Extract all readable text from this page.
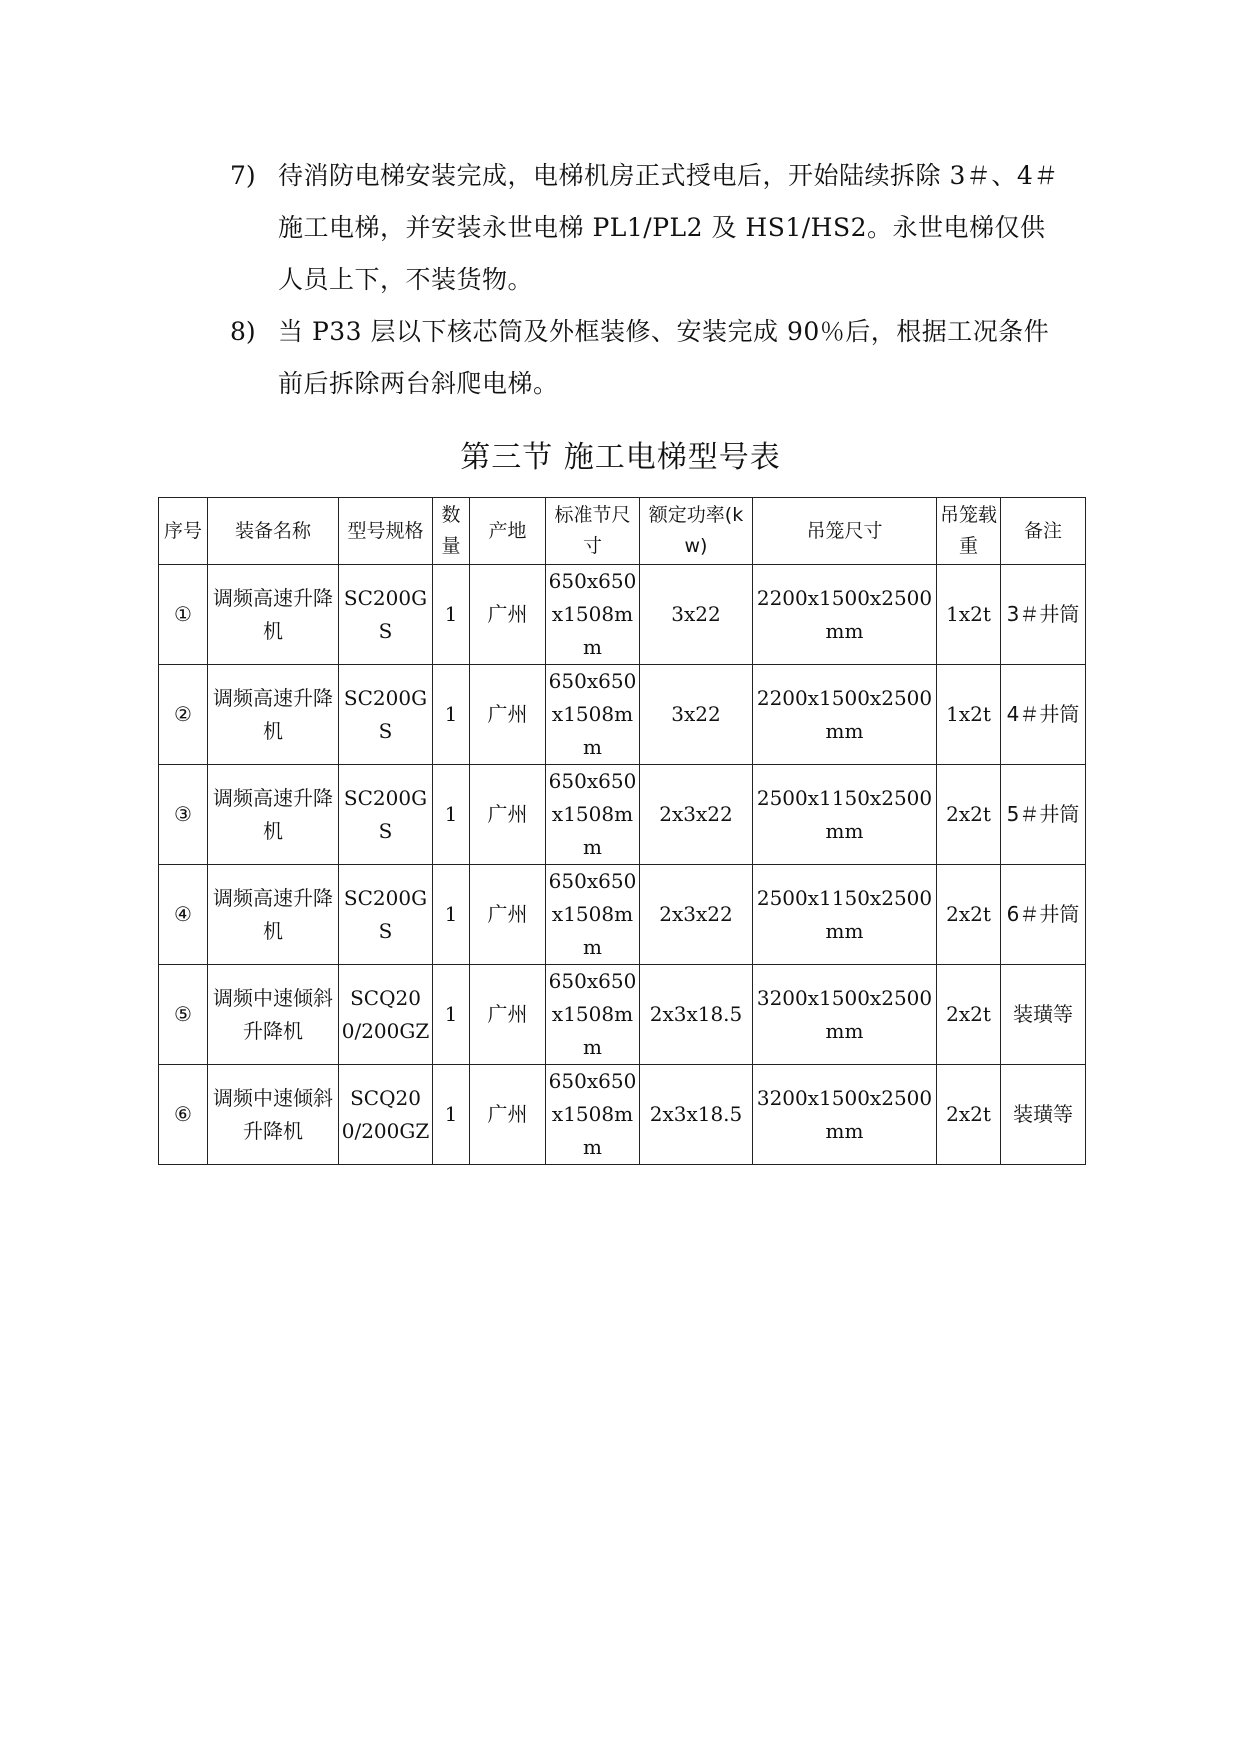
7) 待消防电梯安装完成，电梯机房正式授电后，开始陆续拆除 3＃、4＃施工电梯，并安装永世电梯 PL1/PL2 及 HS1/HS2。永世电梯仅供人员上下，不装货物。
8) 当 P33 层以下核芯筒及外框装修、安装完成 90％后，根据工况条件前后拆除两台斜爬电梯。
第三节 施工电梯型号表
序号	装备名称	型号规格	数量	产地	标准节尺寸	额定功率(kw)	吊笼尺寸	吊笼载重	备注
①	调频高速升降机	SC200GS	1	广州	650x650x1508mm	3x22	2200x1500x2500mm	1x2t	3＃井筒
②	调频高速升降机	SC200GS	1	广州	650x650x1508mm	3x22	2200x1500x2500mm	1x2t	4＃井筒
③	调频高速升降机	SC200GS	1	广州	650x650x1508mm	2x3x22	2500x1150x2500mm	2x2t	5＃井筒
④	调频高速升降机	SC200GS	1	广州	650x650x1508mm	2x3x22	2500x1150x2500mm	2x2t	6＃井筒
⑤	调频中速倾斜升降机	SCQ200/200GZ	1	广州	650x650x1508mm	2x3x18.5	3200x1500x2500mm	2x2t	装璜等
⑥	调频中速倾斜升降机	SCQ200/200GZ	1	广州	650x650x1508mm	2x3x18.5	3200x1500x2500mm	2x2t	装璜等
